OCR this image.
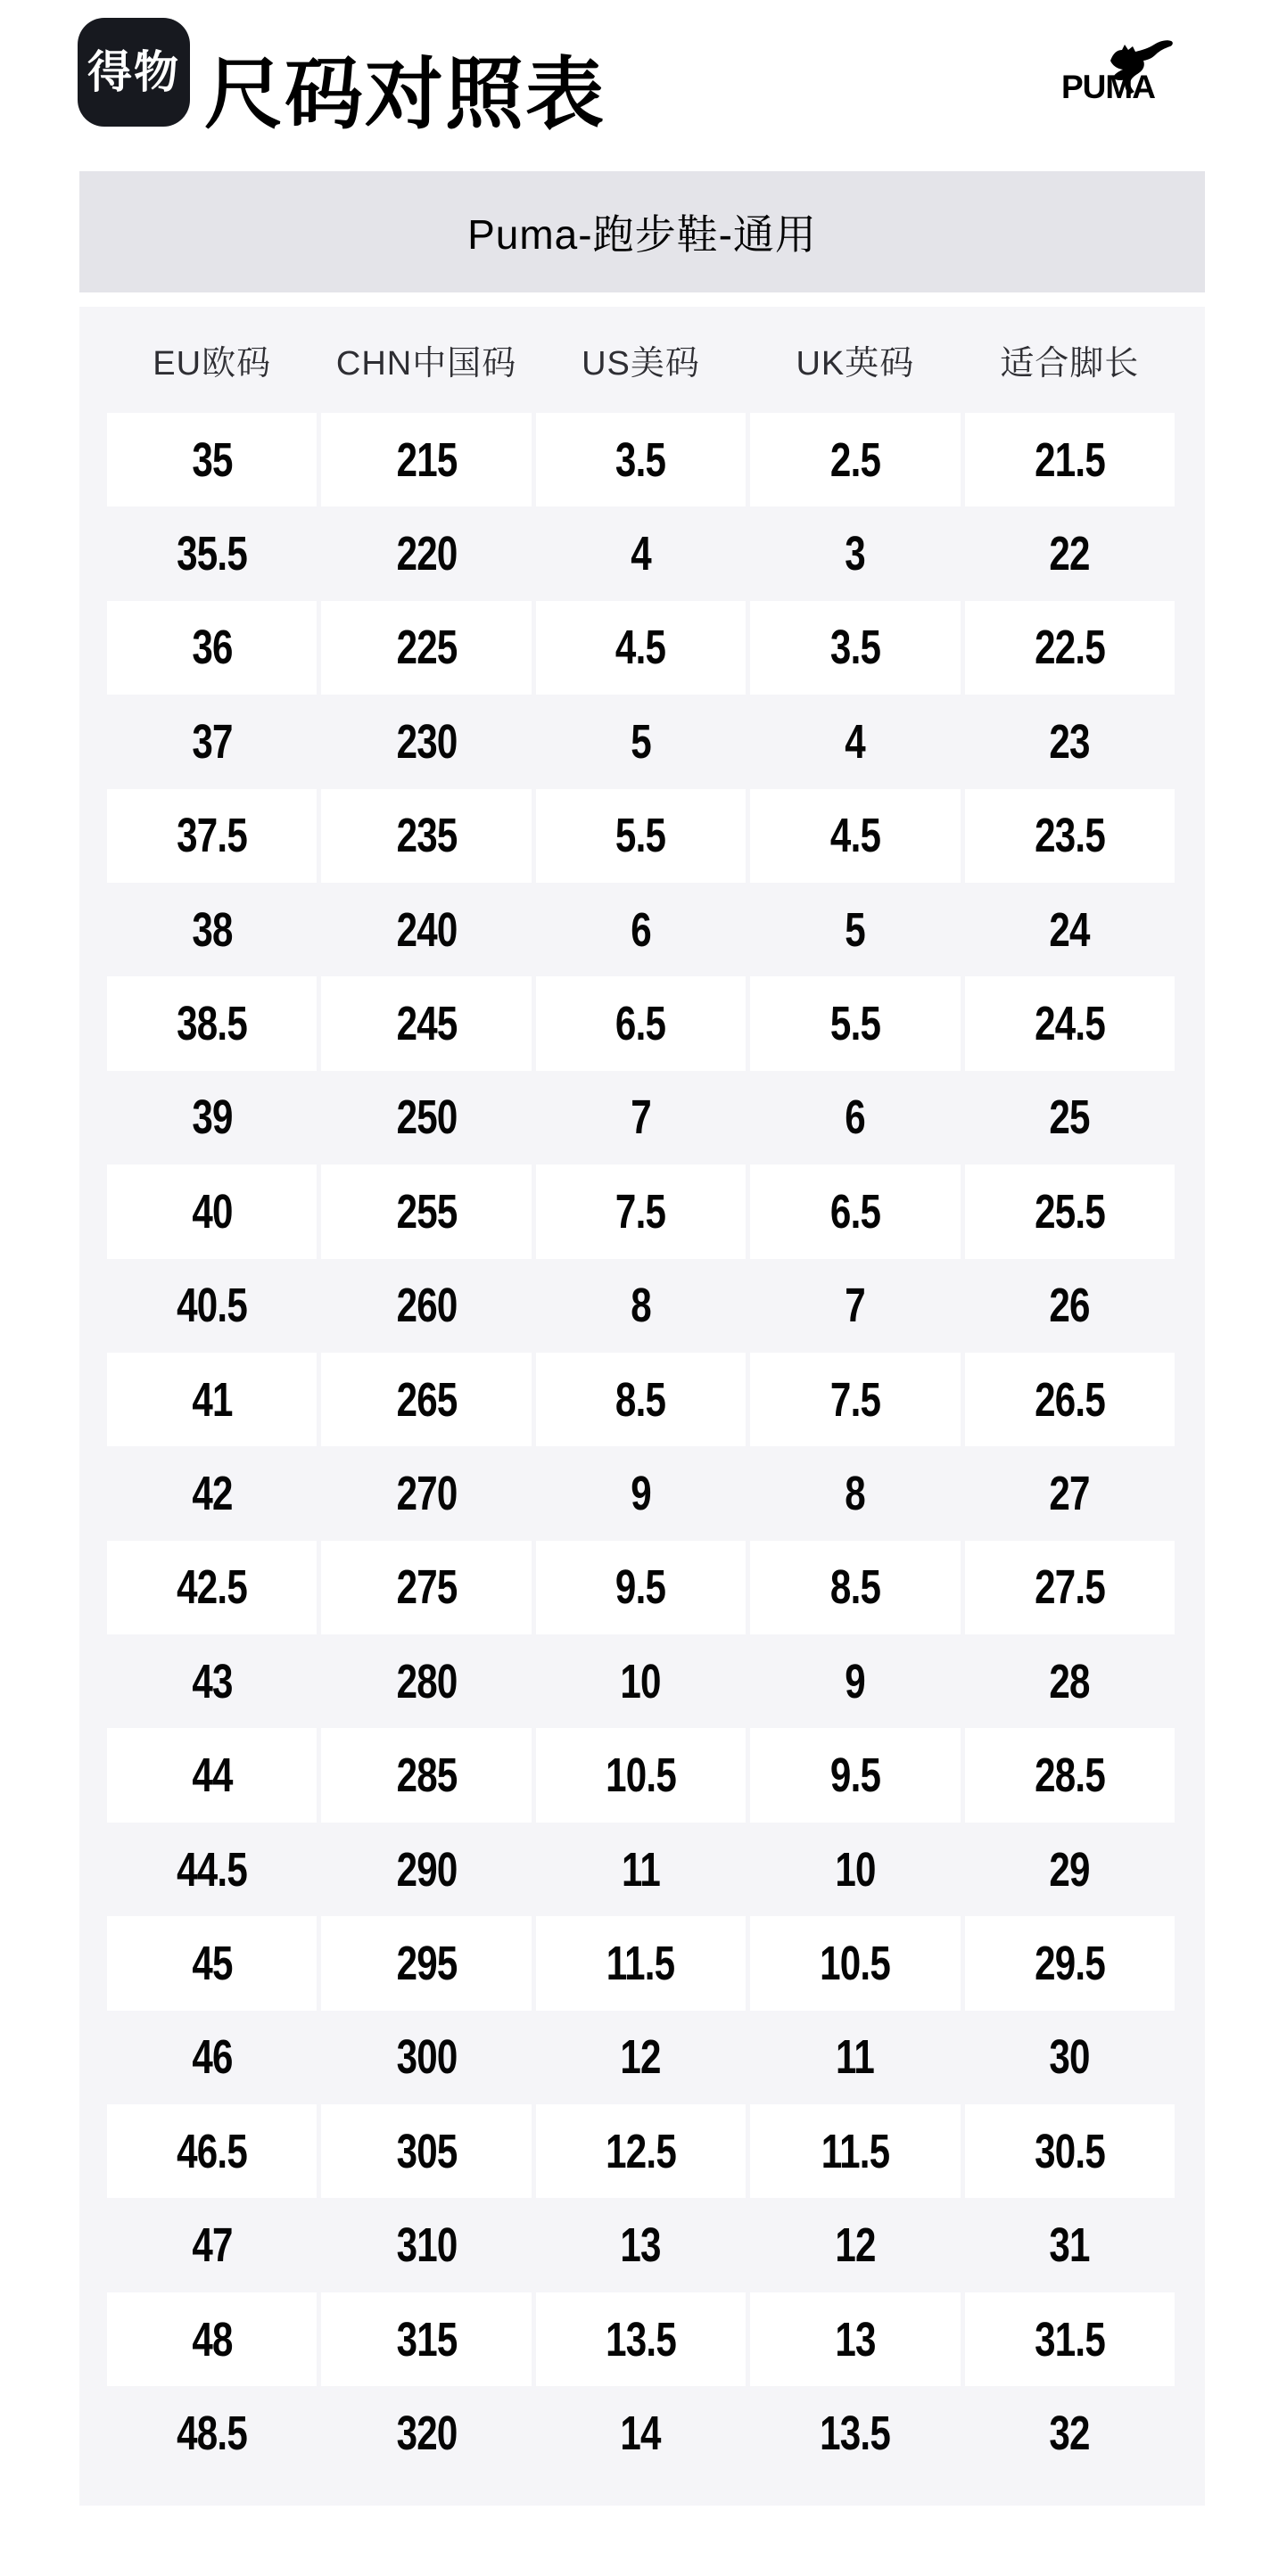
得物 尺码对照表	PUMA
Puma-跑步鞋-通用
EU欧码	CHN中国码	US美码	UK英码	适合脚长
35	215	3.5	2.5	21.5
35.5	220	4	3	22
36	225	4.5	3.5	22.5
37	230	5	4	23
37.5	235	5.5	4.5	23.5
38	240	6	5	24
38.5	245	6.5	5.5	24.5
39	250	7	6	25
40	255	7.5	6.5	25.5
40.5	260	8	7	26
41	265	8.5	7.5	26.5
42	270	9	8	27
42.5	275	9.5	8.5	27.5
43	280	10	9	28
44	285	10.5	9.5	28.5
44.5	290	11	10	29
45	295	11.5	10.5	29.5
46	300	12	11	30
46.5	305	12.5	11.5	30.5
47	310	13	12	31
48	315	13.5	13	31.5
48.5	320	14	13.5	32
